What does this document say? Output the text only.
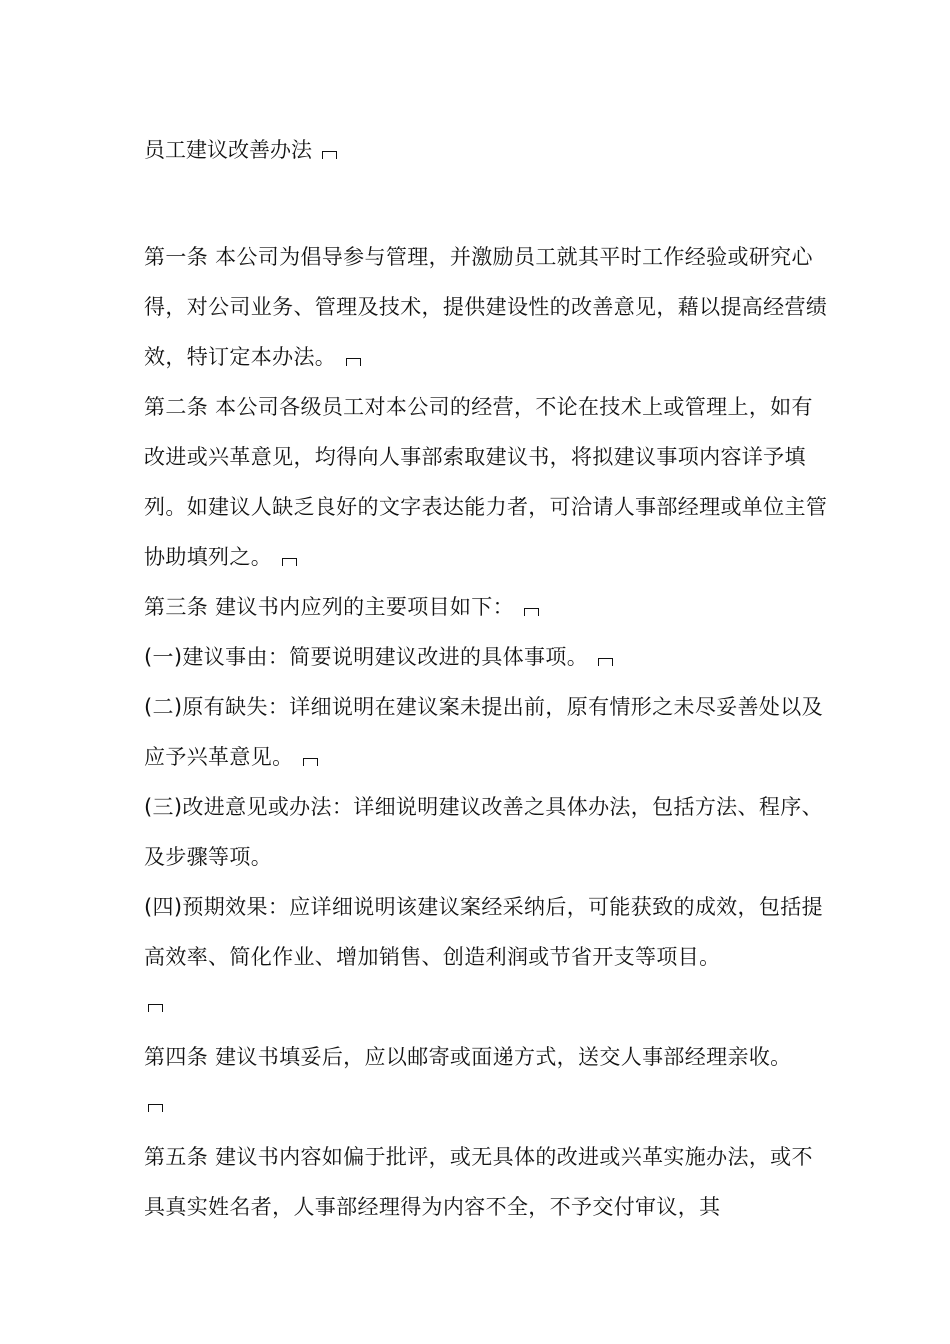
员工建议改善办法

第一条 本公司为倡导参与管理，并激励员工就其平时工作经验或研究心得，对公司业务、管理及技术，提供建设性的改善意见，藉以提高经营绩效，特订定本办法。

第二条 本公司各级员工对本公司的经营，不论在技术上或管理上，如有改进或兴革意见，均得向人事部索取建议书，将拟建议事项内容详予填列。如建议人缺乏良好的文字表达能力者，可洽请人事部经理或单位主管协助填列之。

第三条 建议书内应列的主要项目如下：

(一)建议事由：简要说明建议改进的具体事项。

(二)原有缺失：详细说明在建议案未提出前，原有情形之未尽妥善处以及应予兴革意见。

(三)改进意见或办法：详细说明建议改善之具体办法，包括方法、程序、及步骤等项。

(四)预期效果：应详细说明该建议案经采纳后，可能获致的成效，包括提高效率、简化作业、增加销售、创造利润或节省开支等项目。

第四条 建议书填妥后，应以邮寄或面递方式，送交人事部经理亲收。

第五条 建议书内容如偏于批评，或无具体的改进或兴革实施办法，或不具真实姓名者，人事部经理得为内容不全，不予交付审议，其
